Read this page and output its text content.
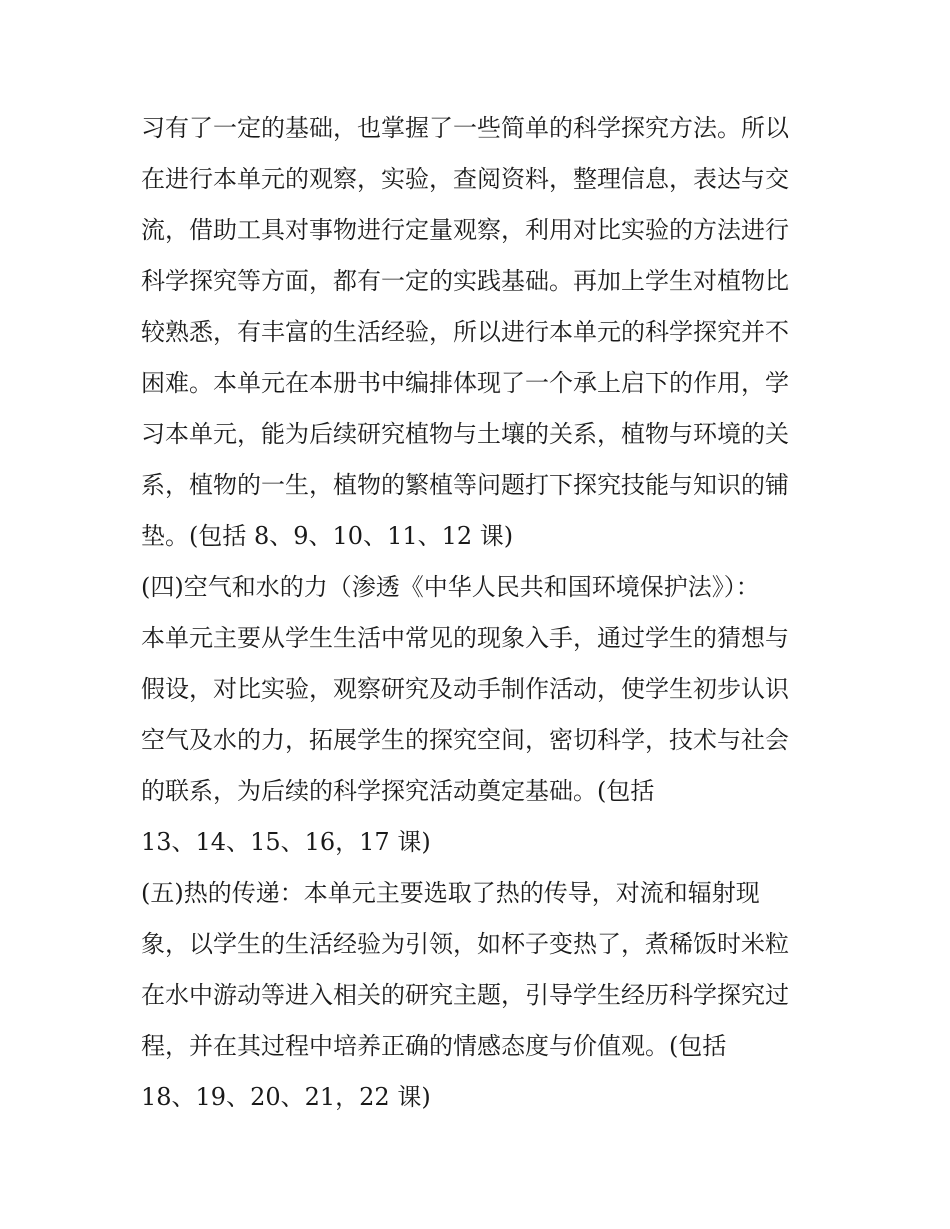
习有了一定的基础，也掌握了一些简单的科学探究方法。所以
在进行本单元的观察，实验，查阅资料，整理信息，表达与交
流，借助工具对事物进行定量观察，利用对比实验的方法进行
科学探究等方面，都有一定的实践基础。再加上学生对植物比
较熟悉，有丰富的生活经验，所以进行本单元的科学探究并不
困难。本单元在本册书中编排体现了一个承上启下的作用，学
习本单元，能为后续研究植物与土壤的关系，植物与环境的关
系，植物的一生，植物的繁植等问题打下探究技能与知识的铺
垫。(包括 8、9、10、11、12 课)
(四)空气和水的力（渗透《中华人民共和国环境保护法》）：
本单元主要从学生生活中常见的现象入手，通过学生的猜想与
假设，对比实验，观察研究及动手制作活动，使学生初步认识
空气及水的力，拓展学生的探究空间，密切科学，技术与社会
的联系，为后续的科学探究活动奠定基础。(包括
13、14、15、16，17 课)
(五)热的传递：本单元主要选取了热的传导，对流和辐射现
象，以学生的生活经验为引领，如杯子变热了，煮稀饭时米粒
在水中游动等进入相关的研究主题，引导学生经历科学探究过
程，并在其过程中培养正确的情感态度与价值观。(包括
18、19、20、21，22 课)
